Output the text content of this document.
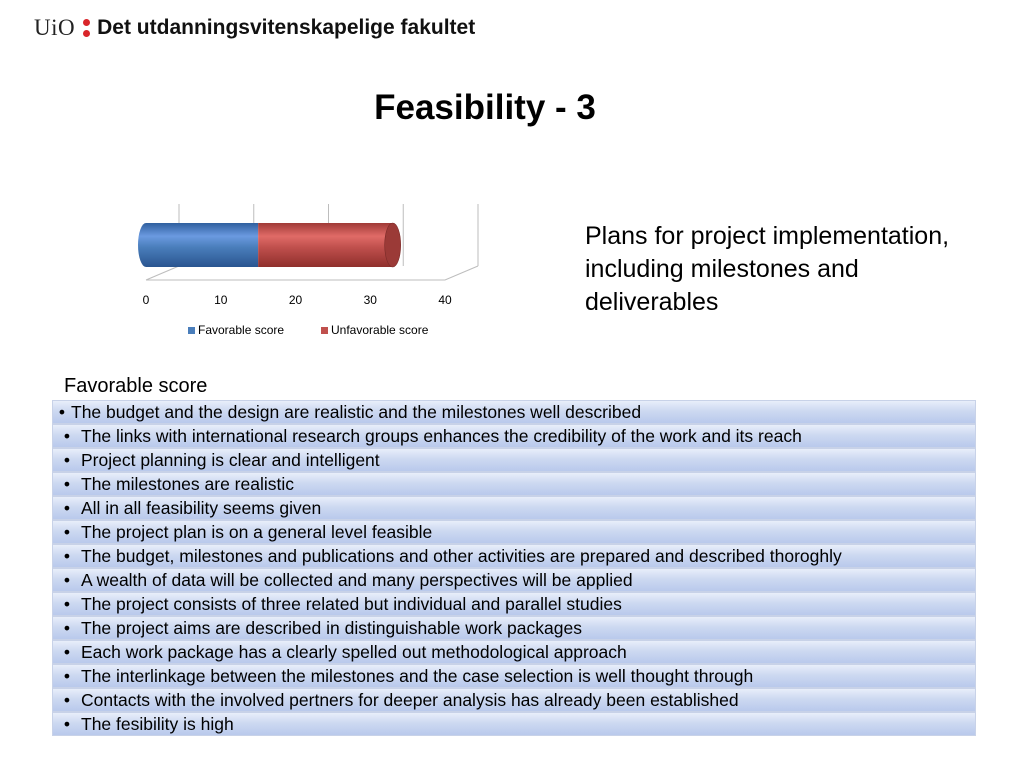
UiO Det utdanningsvitenskapelige fakultet
Feasibility - 3
0	10	20	30	40
Favorable score	Unfavorable score
Plans for project implementation, including milestones and deliverables
Favorable score
• The budget and the design are realistic and the milestones well described
• The links with international research groups enhances the credibility of the work and its reach
• Project planning is clear and intelligent
• The milestones are realistic
• All in all feasibility seems given
• The project plan is on a general level feasible
• The budget, milestones and publications and other activities are prepared and described thoroghly
• A wealth of data will be collected and many perspectives will be applied
• The project consists of three related but individual and parallel studies
• The project aims are described in distinguishable work packages
• Each work package has a clearly spelled out methodological approach
• The interlinkage between the milestones and the case selection is well thought through
• Contacts with the involved pertners for deeper analysis has already been established
• The fesibility is high
